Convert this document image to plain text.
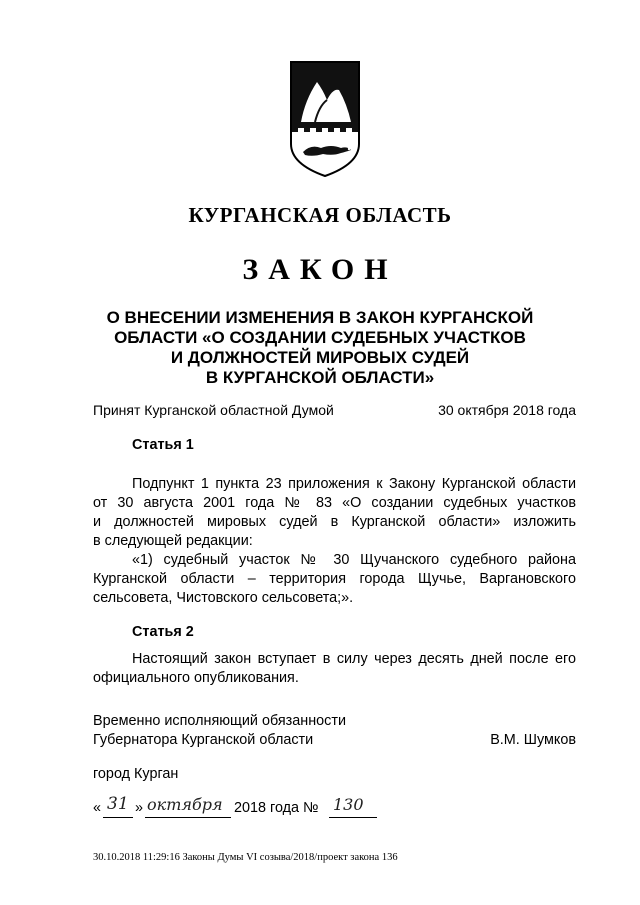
КУРГАНСКАЯ ОБЛАСТЬ
ЗАКОН
О ВНЕСЕНИИ ИЗМЕНЕНИЯ В ЗАКОН КУРГАНСКОЙ
ОБЛАСТИ «О СОЗДАНИИ СУДЕБНЫХ УЧАСТКОВ
И ДОЛЖНОСТЕЙ МИРОВЫХ СУДЕЙ
В КУРГАНСКОЙ ОБЛАСТИ»
Принят Курганской областной Думой	30 октября 2018 года
Статья 1
Подпункт 1 пункта 23 приложения к Закону Курганской области
от 30 августа 2001 года № 83 «О создании судебных участков
и должностей мировых судей в Курганской области» изложить
в следующей редакции:
«1) судебный участок № 30 Щучанского судебного района
Курганской области – территория города Щучье, Варгановского
сельсовета, Чистовского сельсовета;».
Статья 2
Настоящий закон вступает в силу через десять дней после его
официального опубликования.
Временно исполняющий обязанности
Губернатора Курганской области	В.М. Шумков
город Курган
« 31 » октября 2018 года № 130
30.10.2018 11:29:16 Законы Думы VI созыва/2018/проект закона 136
